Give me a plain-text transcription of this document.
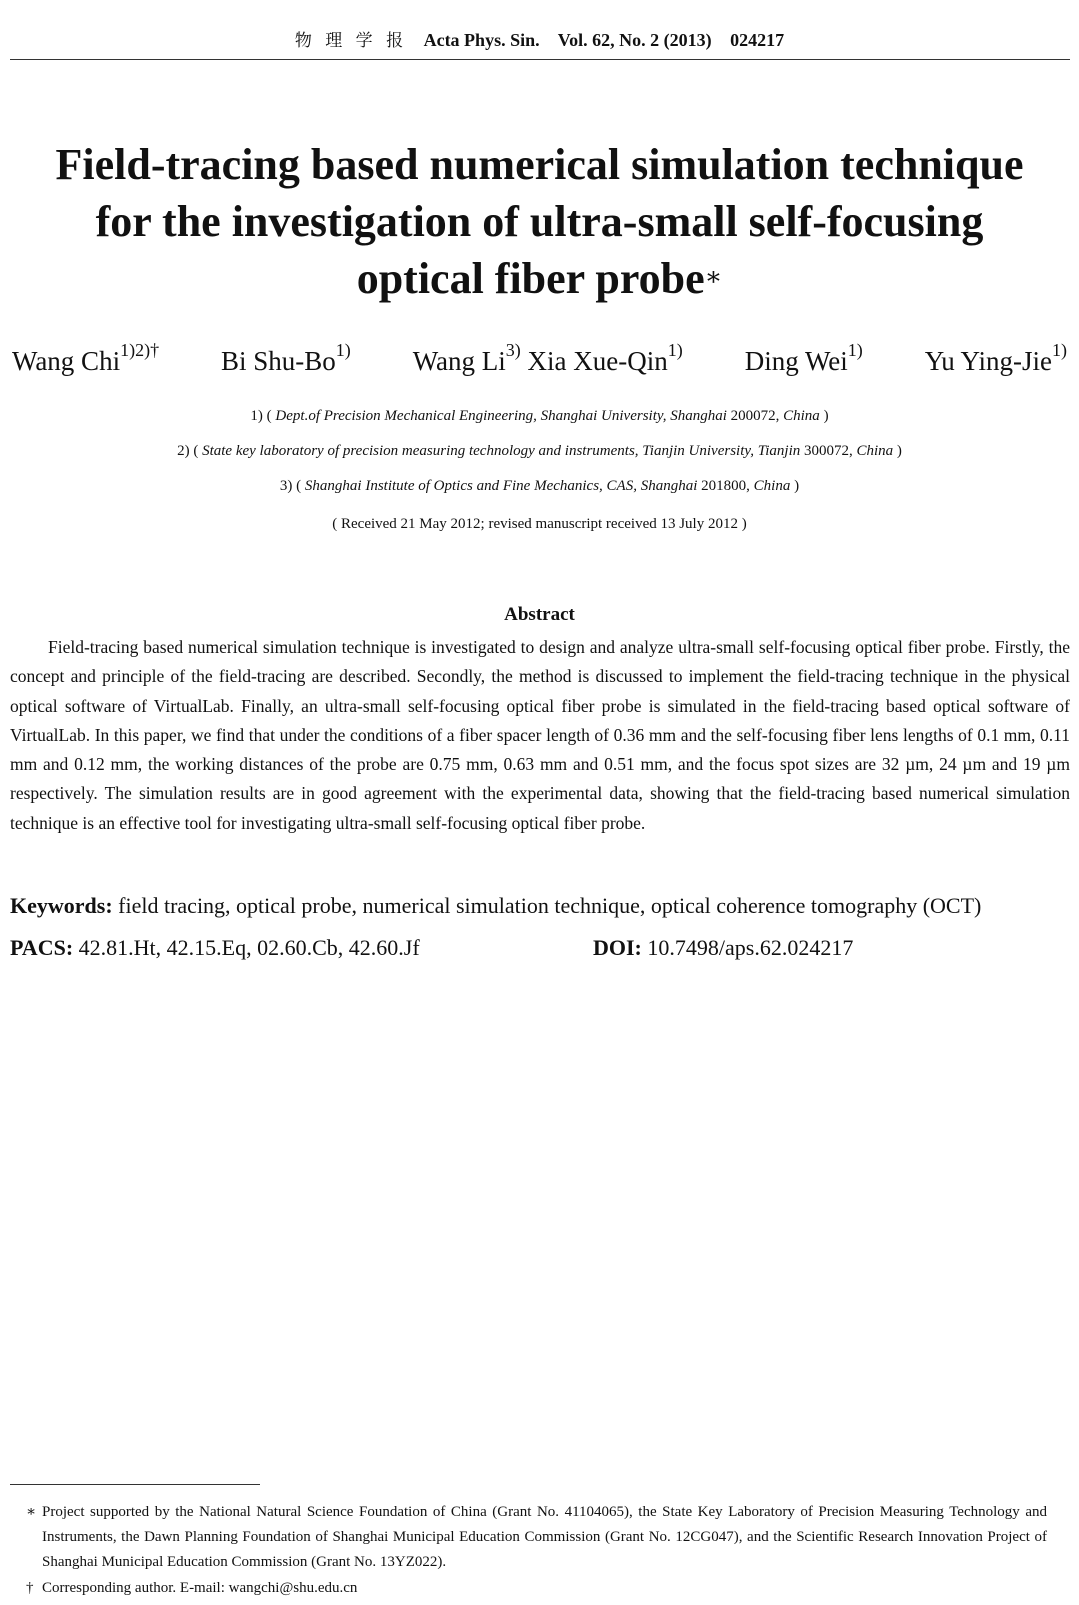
物 理 学 报 Acta Phys. Sin. Vol. 62, No. 2 (2013) 024217
Field-tracing based numerical simulation technique
for the investigation of ultra-small self-focusing
optical fiber probe∗
Wang Chi$^{1)2)\dagger}$ Bi Shu-Bo$^{1)}$ Wang Li$^{3)}$ Xia Xue-Qin$^{1)}$ Ding Wei$^{1)}$ Yu Ying-Jie$^{1)}$
1) ( Dept.of Precision Mechanical Engineering, Shanghai University, Shanghai 200072, China )
2) ( State key laboratory of precision measuring technology and instruments, Tianjin University, Tianjin 300072, China )
3) ( Shanghai Institute of Optics and Fine Mechanics, CAS, Shanghai 201800, China )
( Received 21 May 2012; revised manuscript received 13 July 2012 )
Abstract
Field-tracing based numerical simulation technique is investigated to design and analyze ultra-small self-focusing optical fiber probe. Firstly, the concept and principle of the field-tracing are described. Secondly, the method is discussed to implement the field-tracing technique in the physical optical software of VirtualLab. Finally, an ultra-small self-focusing optical fiber probe is simulated in the field-tracing based optical software of VirtualLab. In this paper, we find that under the conditions of a fiber spacer length of 0.36 mm and the self-focusing fiber lens lengths of 0.1 mm, 0.11 mm and 0.12 mm, the working distances of the probe are 0.75 mm, 0.63 mm and 0.51 mm, and the focus spot sizes are 32 µm, 24 µm and 19 µm respectively. The simulation results are in good agreement with the experimental data, showing that the field-tracing based numerical simulation technique is an effective tool for investigating ultra-small self-focusing optical fiber probe.
Keywords: field tracing, optical probe, numerical simulation technique, optical coherence tomography (OCT)
PACS: 42.81.Ht, 42.15.Eq, 02.60.Cb, 42.60.Jf	DOI: 10.7498/aps.62.024217
∗ Project supported by the National Natural Science Foundation of China (Grant No. 41104065), the State Key Laboratory of Precision Measuring Technology and Instruments, the Dawn Planning Foundation of Shanghai Municipal Education Commission (Grant No. 12CG047), and the Scientific Research Innovation Project of Shanghai Municipal Education Commission (Grant No. 13YZ022).
† Corresponding author. E-mail: wangchi@shu.edu.cn
